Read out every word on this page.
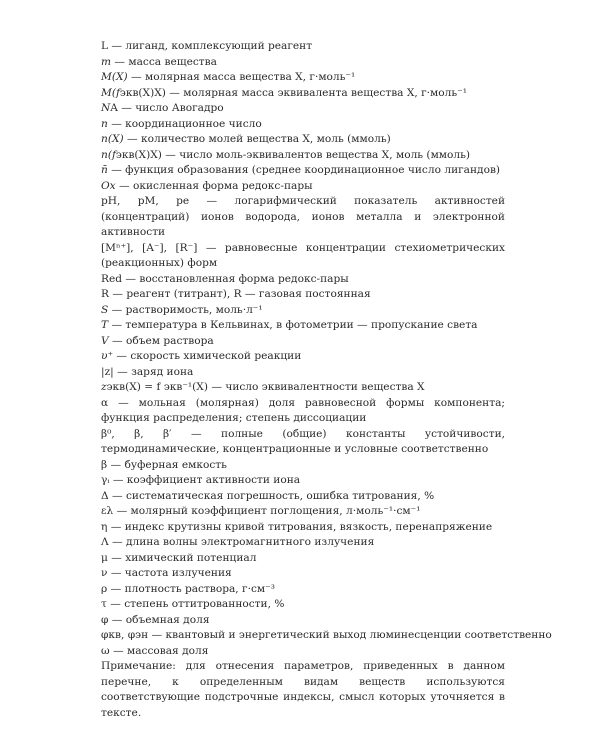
L — лиганд, комплексующий реагент
m — масса вещества
M(X) — молярная масса вещества X, г·моль⁻¹
M(fэкв(X)X) — молярная масса эквивалента вещества X, г·моль⁻¹
NA — число Авогадро
n — координационное число
n(X) — количество молей вещества X, моль (ммоль)
n(fэкв(X)X) — число моль-эквивалентов вещества X, моль (ммоль)
n̄ — функция образования (среднее координационное число лигандов)
Ox — окисленная форма редокс-пары
pH, pM, pe — логарифмический показатель активностей (концентраций) ионов водорода, ионов металла и электронной активности
[Mⁿ⁺], [A⁻], [R⁻] — равновесные концентрации стехиометрических (реакционных) форм
Red — восстановленная форма редокс-пары
R — реагент (титрант), R — газовая постоянная
S — растворимость, моль·л⁻¹
T — температура в Кельвинах, в фотометрии — пропускание света
V — объем раствора
υ⁺ — скорость химической реакции
|z| — заряд иона
zэкв(X) = f экв⁻¹(X) — число эквивалентности вещества X
α — мольная (молярная) доля равновесной формы компонента; функция распределения; степень диссоциации
β⁰, β, β′ — полные (общие) константы устойчивости, термодинамические, концентрационные и условные соответственно
β — буферная емкость
γᵢ — коэффициент активности иона
Δ — систематическая погрешность, ошибка титрования, %
ελ — молярный коэффициент поглощения, л·моль⁻¹·см⁻¹
η — индекс крутизны кривой титрования, вязкость, перенапряжение
Λ — длина волны электромагнитного излучения
μ — химический потенциал
ν — частота излучения
ρ — плотность раствора, г·см⁻³
τ — степень оттитрованности, %
φ — объемная доля
φкв, φэн — квантовый и энергетический выход люминесценции соответственно
ω — массовая доля
Примечание: для отнесения параметров, приведенных в данном перечне, к определенным видам веществ используются соответствующие подстрочные индексы, смысл которых уточняется в тексте.
